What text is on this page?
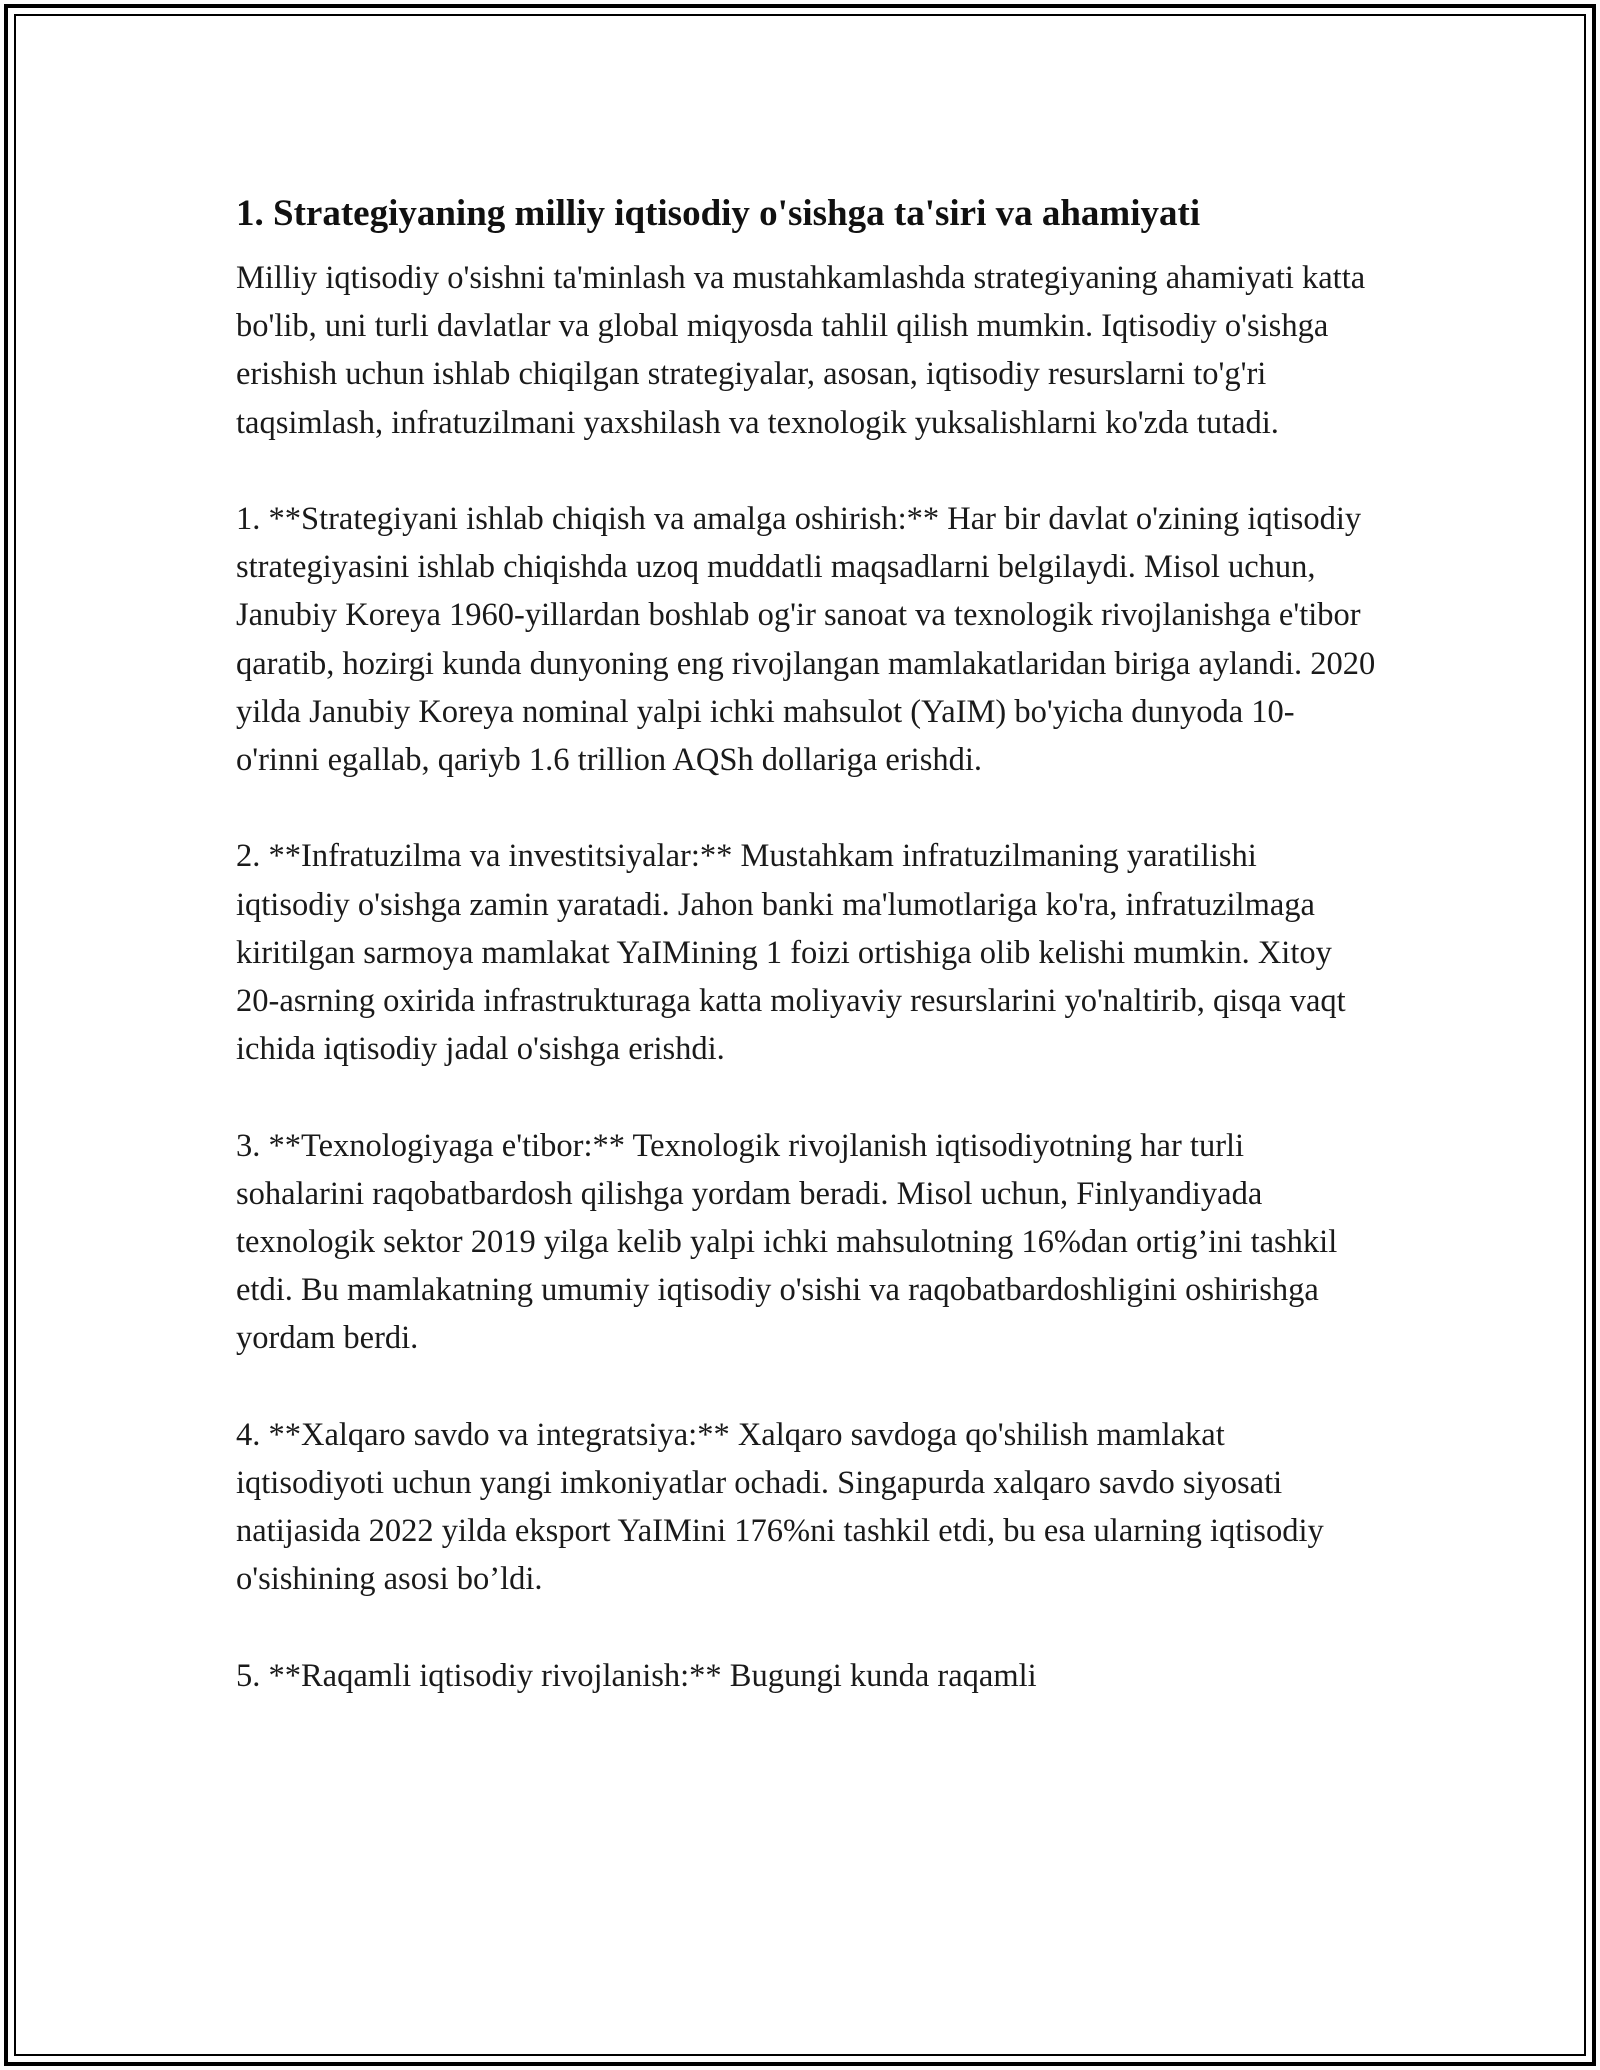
1. Strategiyaning milliy iqtisodiy o'sishga ta'siri va ahamiyati

Milliy iqtisodiy o'sishni ta'minlash va mustahkamlashda strategiyaning ahamiyati katta bo'lib, uni turli davlatlar va global miqyosda tahlil qilish mumkin. Iqtisodiy o'sishga erishish uchun ishlab chiqilgan strategiyalar, asosan, iqtisodiy resurslarni to'g'ri taqsimlash, infratuzilmani yaxshilash va texnologik yuksalishlarni ko'zda tutadi.

1. **Strategiyani ishlab chiqish va amalga oshirish:** Har bir davlat o'zining iqtisodiy strategiyasini ishlab chiqishda uzoq muddatli maqsadlarni belgilaydi. Misol uchun, Janubiy Koreya 1960-yillardan boshlab og'ir sanoat va texnologik rivojlanishga e'tibor qaratib, hozirgi kunda dunyoning eng rivojlangan mamlakatlaridan biriga aylandi. 2020 yilda Janubiy Koreya nominal yalpi ichki mahsulot (YaIM) bo'yicha dunyoda 10-o'rinni egallab, qariyb 1.6 trillion AQSh dollariga erishdi.

2. **Infratuzilma va investitsiyalar:** Mustahkam infratuzilmaning yaratilishi iqtisodiy o'sishga zamin yaratadi. Jahon banki ma'lumotlariga ko'ra, infratuzilmaga kiritilgan sarmoya mamlakat YaIMining 1 foizi ortishiga olib kelishi mumkin. Xitoy 20-asrning oxirida infrastrukturaga katta moliyaviy resurslarini yo'naltirib, qisqa vaqt ichida iqtisodiy jadal o'sishga erishdi.

3. **Texnologiyaga e'tibor:** Texnologik rivojlanish iqtisodiyotning har turli sohalarini raqobatbardosh qilishga yordam beradi. Misol uchun, Finlyandiyada texnologik sektor 2019 yilga kelib yalpi ichki mahsulotning 16%dan ortig’ini tashkil etdi. Bu mamlakatning umumiy iqtisodiy o'sishi va raqobatbardoshligini oshirishga yordam berdi.

4. **Xalqaro savdo va integratsiya:** Xalqaro savdoga qo'shilish mamlakat iqtisodiyoti uchun yangi imkoniyatlar ochadi. Singapurda xalqaro savdo siyosati natijasida 2022 yilda eksport YaIMini 176%ni tashkil etdi, bu esa ularning iqtisodiy o'sishining asosi bo’ldi.

5. **Raqamli iqtisodiy rivojlanish:** Bugungi kunda raqamli
